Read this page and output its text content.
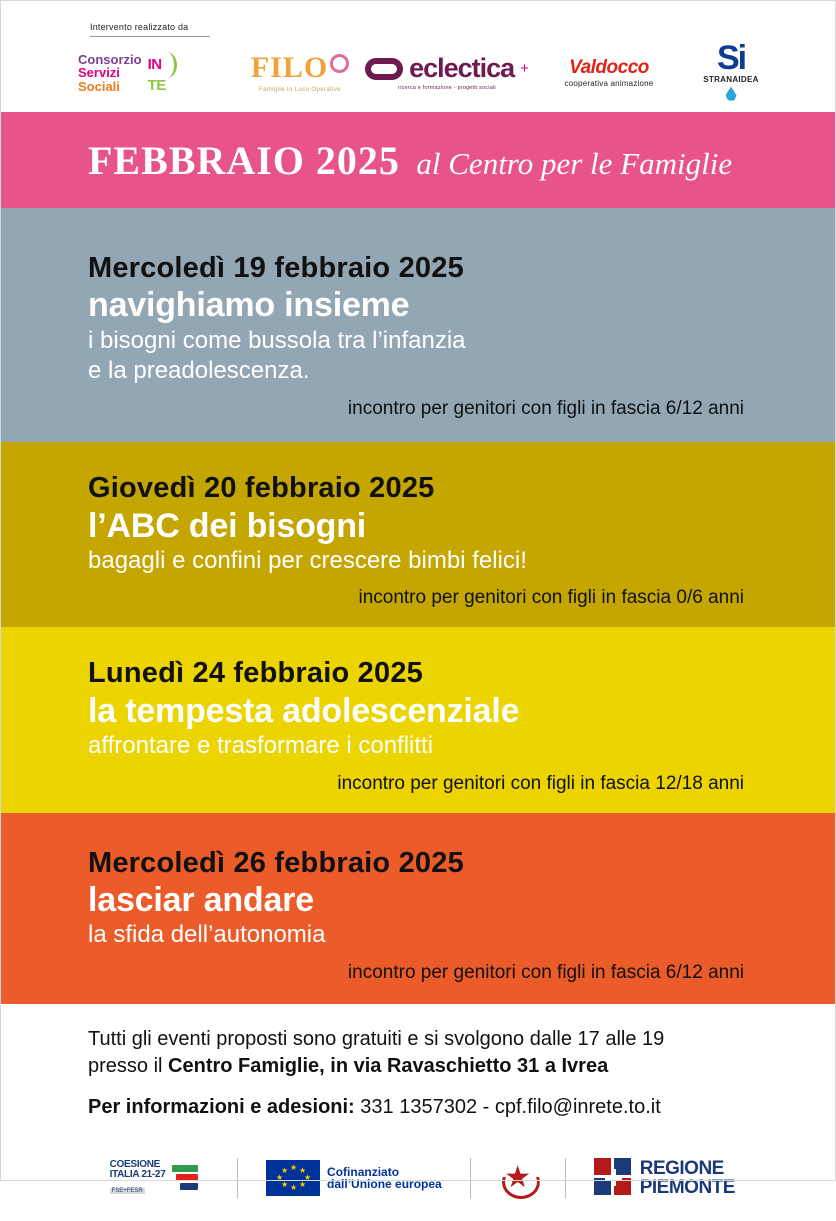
Intervento realizzato da
Consorzio
Servizi
Sociali
IN
TE
FILO
Famiglie In Loco Operative
eclectica +
ricerca e formazione - progetti sociali
Valdocco
cooperativa animazione
Si
STRANAIDEA
FEBBRAIO 2025 al Centro per le Famiglie
Mercoledì 19 febbraio 2025
navighiamo insieme
i bisogni come bussola tra l’infanzia
e la preadolescenza.
incontro per genitori con figli in fascia 6/12 anni
Giovedì 20 febbraio 2025
l’ABC dei bisogni
bagagli e confini per crescere bimbi felici!
incontro per genitori con figli in fascia 0/6 anni
Lunedì 24 febbraio 2025
la tempesta adolescenziale
affrontare e trasformare i conflitti
incontro per genitori con figli in fascia 12/18 anni
Mercoledì 26 febbraio 2025
lasciar andare
la sfida dell’autonomia
incontro per genitori con figli in fascia 6/12 anni

Tutti gli eventi proposti sono gratuiti e si svolgono dalle 17 alle 19
presso il Centro Famiglie, in via Ravaschietto 31 a Ivrea

Per informazioni e adesioni: 331 1357302 - cpf.filo@inrete.to.it

COESIONE
ITALIA 21-27
FSE+FESR
★ ★
★
★
★
★
★
★	Cofinanziato
dall’Unione europea ★	REGIONE
PIEMONTE
